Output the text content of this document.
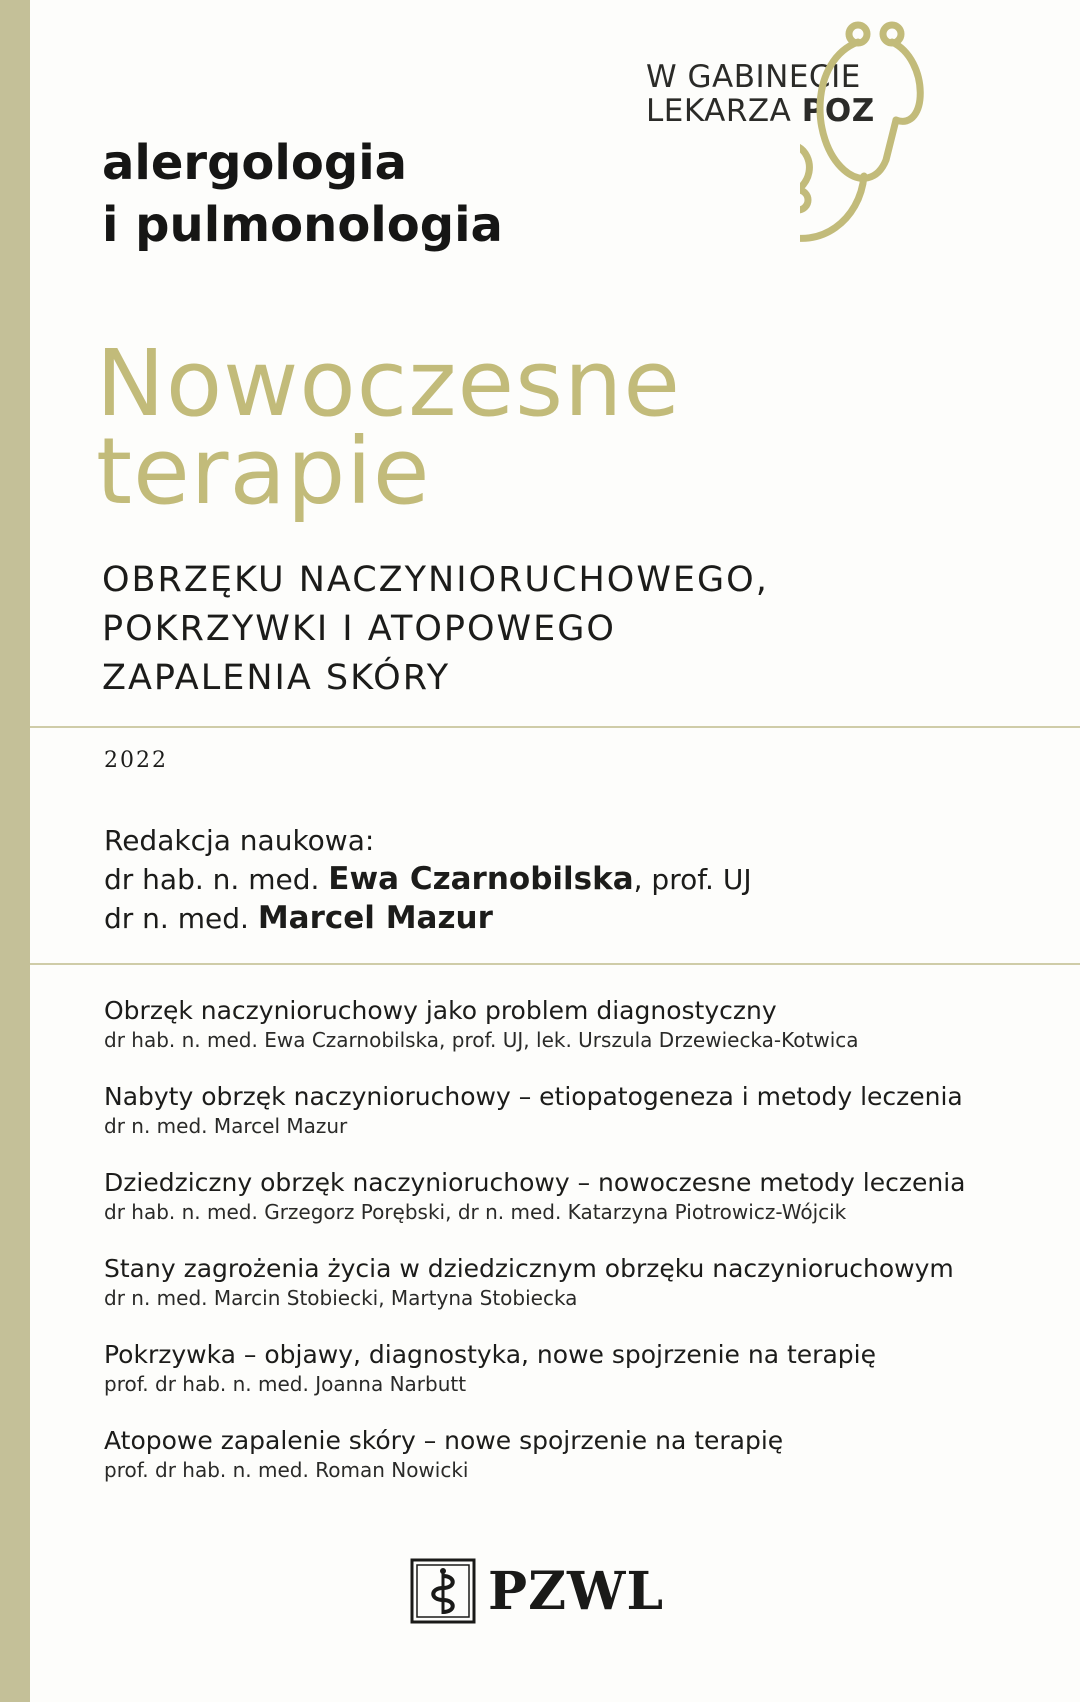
W GABINECIE
LEKARZA POZ
alergologia
i pulmonologia
Nowoczesne
terapie
OBRZĘKU NACZYNIORUCHOWEGO,
POKRZYWKI I ATOPOWEGO
ZAPALENIA SKÓRY
2022
Redakcja naukowa:
dr hab. n. med. Ewa Czarnobilska, prof. UJ
dr n. med. Marcel Mazur
Obrzęk naczynioruchowy jako problem diagnostyczny
dr hab. n. med. Ewa Czarnobilska, prof. UJ, lek. Urszula Drzewiecka-Kotwica
Nabyty obrzęk naczynioruchowy – etiopatogeneza i metody leczenia
dr n. med. Marcel Mazur
Dziedziczny obrzęk naczynioruchowy – nowoczesne metody leczenia
dr hab. n. med. Grzegorz Porębski, dr n. med. Katarzyna Piotrowicz-Wójcik
Stany zagrożenia życia w dziedzicznym obrzęku naczynioruchowym
dr n. med. Marcin Stobiecki, Martyna Stobiecka
Pokrzywka – objawy, diagnostyka, nowe spojrzenie na terapię
prof. dr hab. n. med. Joanna Narbutt
Atopowe zapalenie skóry – nowe spojrzenie na terapię
prof. dr hab. n. med. Roman Nowicki
PZWL
